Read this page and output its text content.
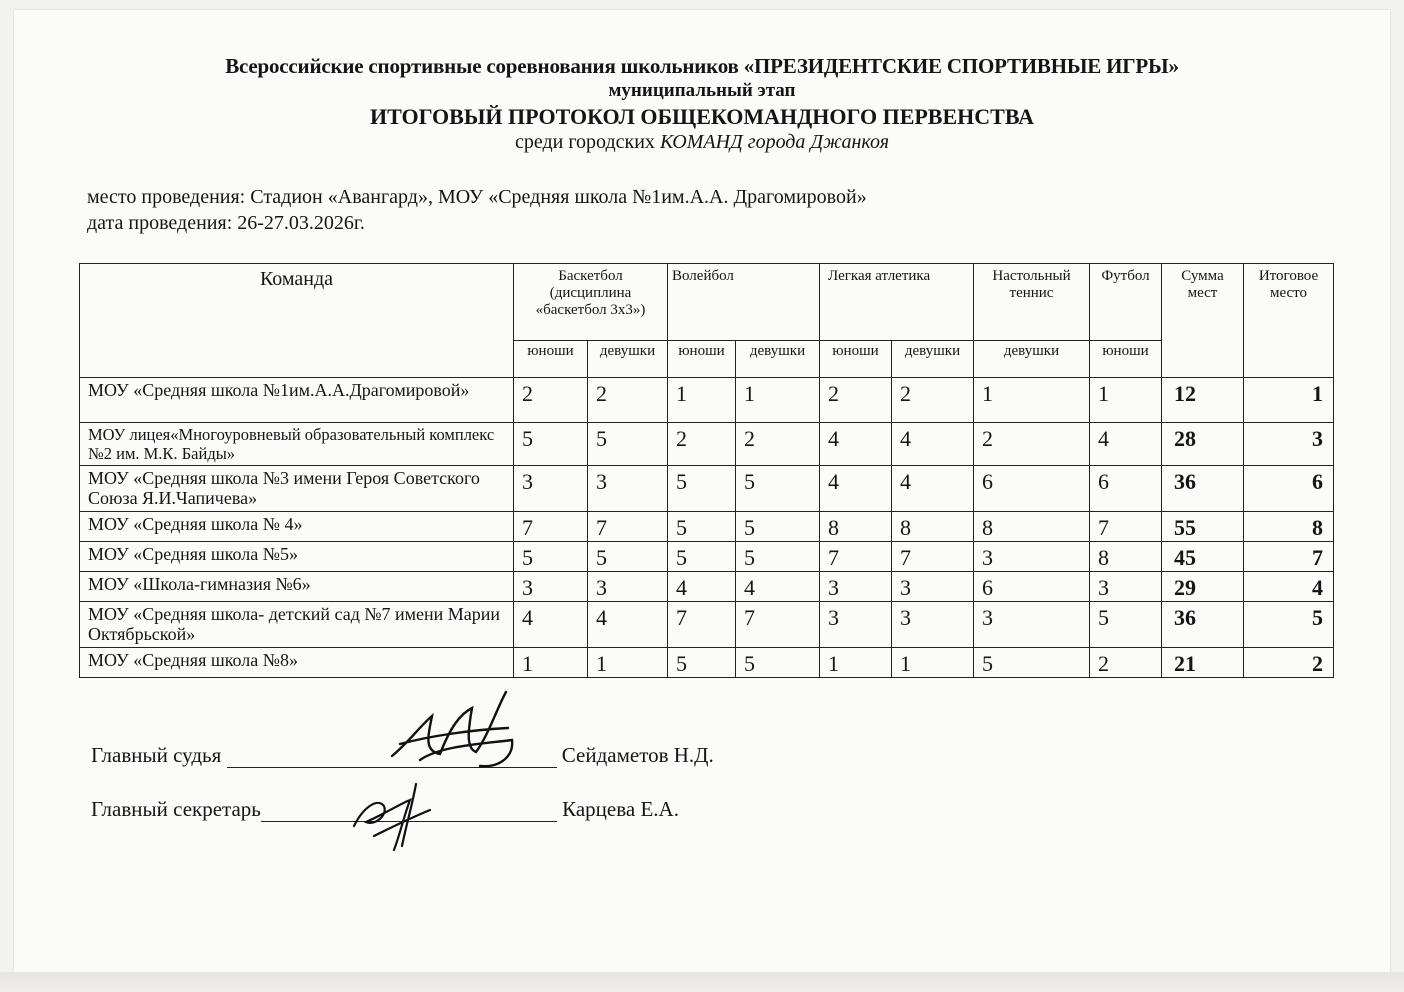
Всероссийские спортивные соревнования школьников «ПРЕЗИДЕНТСКИЕ СПОРТИВНЫЕ ИГРЫ»
муниципальный этап
ИТОГОВЫЙ ПРОТОКОЛ ОБЩЕКОМАНДНОГО ПЕРВЕНСТВА
среди городских КОМАНД города Джанкоя
место проведения: Стадион «Авангард», МОУ «Средняя школа №1им.А.А. Драгомировой»
дата проведения: 26-27.03.2026г.
Команда	Баскетбол (дисциплина «баскетбол 3х3»)		Волейбол		Легкая атлетика		Настольный теннис	Футбол	Сумма мест	Итоговое место
	юноши	девушки	юноши	девушки	юноши	девушки	девушки	юноши		
МОУ «Средняя школа №1им.А.А.Драгомировой»	2	2	1	1	2	2	1	1	12	1
МОУ лицея«Многоуровневый образовательный комплекс №2 им. М.К. Байды»	5	5	2	2	4	4	2	4	28	3
МОУ «Средняя школа №3 имени Героя Советского Союза Я.И.Чапичева»	3	3	5	5	4	4	6	6	36	6
МОУ «Средняя школа № 4»	7	7	5	5	8	8	8	7	55	8
МОУ «Средняя школа №5»	5	5	5	5	7	7	3	8	45	7
МОУ «Школа-гимназия №6»	3	3	4	4	3	3	6	3	29	4
МОУ «Средняя школа- детский сад №7 имени Марии Октябрьской»	4	4	7	7	3	3	3	5	36	5
МОУ «Средняя школа №8»	1	1	5	5	1	1	5	2	21	2
Главный судья	Сейдаметов Н.Д.
Главный секретарь	Карцева Е.А.
